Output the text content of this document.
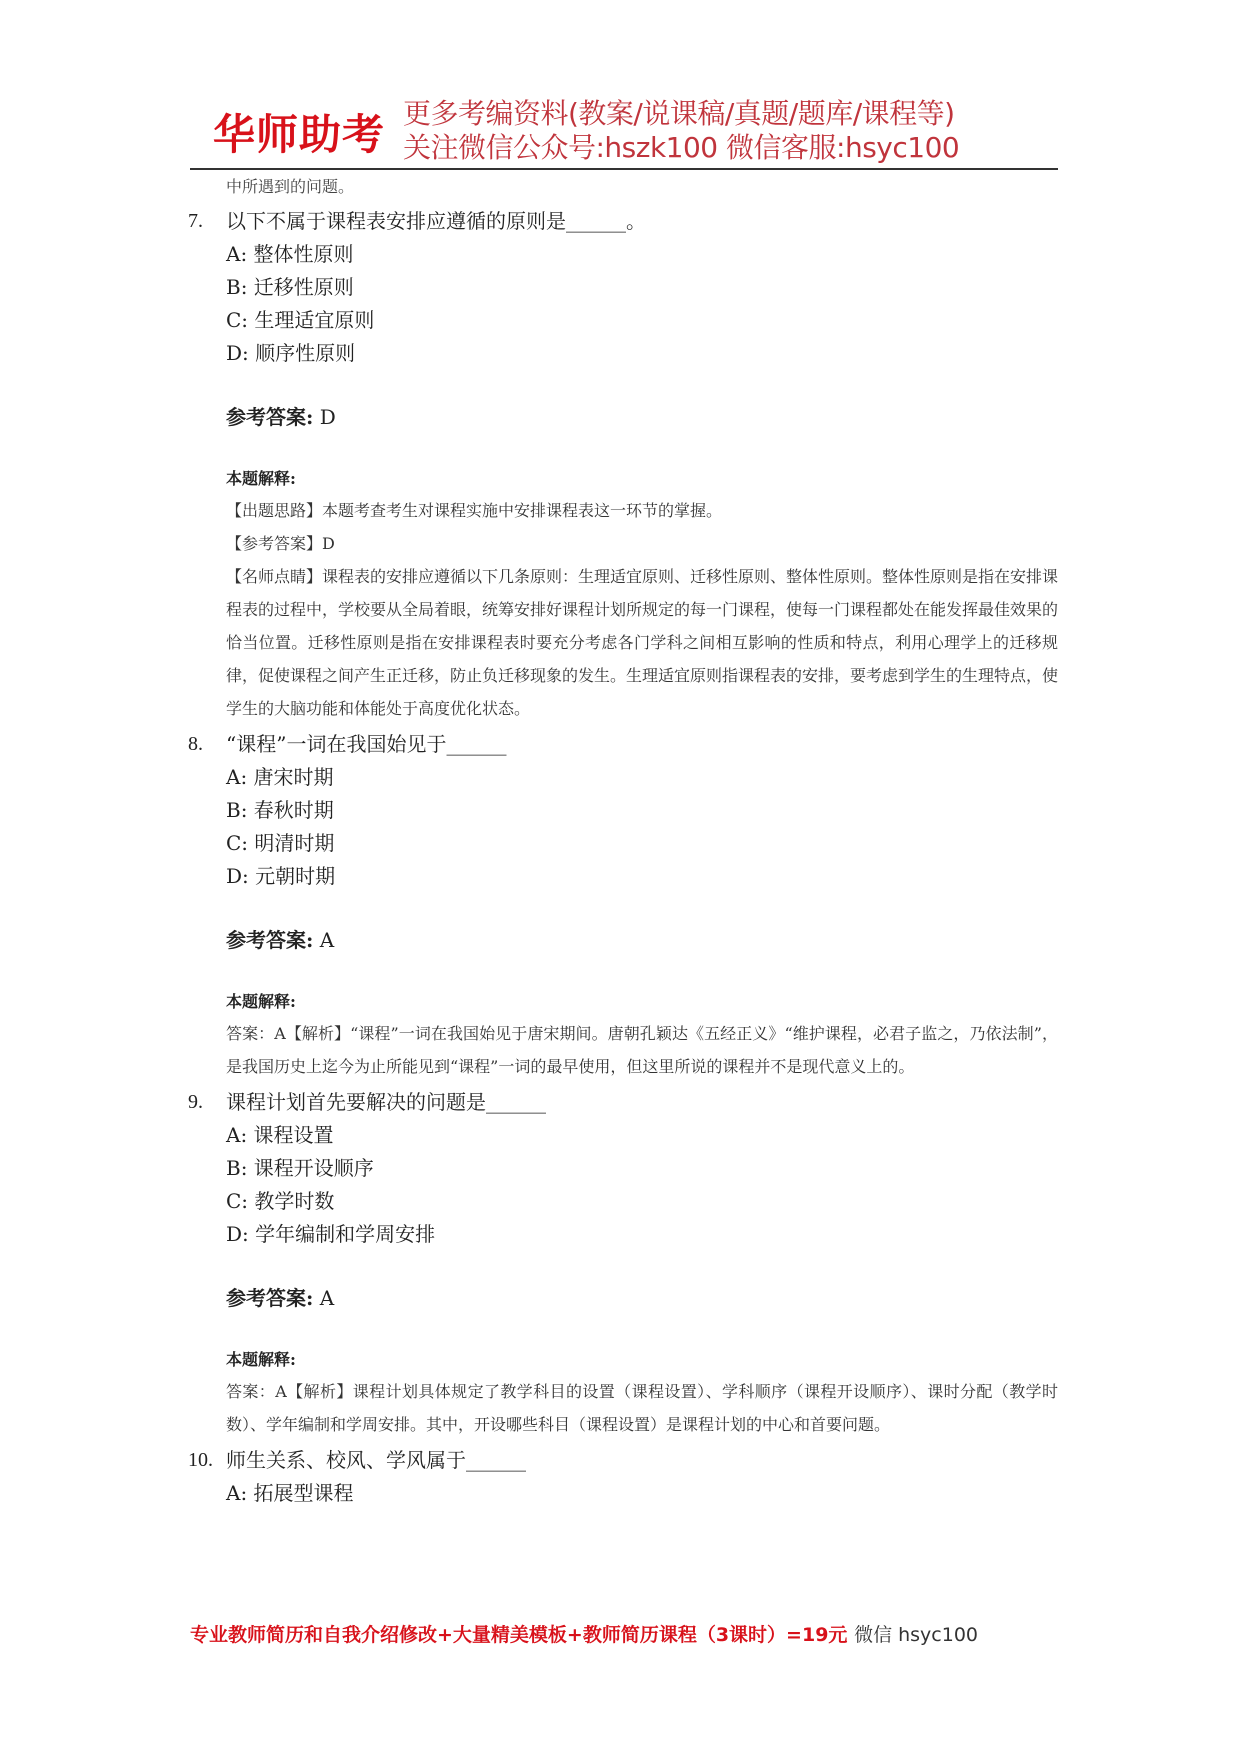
华师助考 更多考编资料(教案/说课稿/真题/题库/课程等)
关注微信公众号:hszk100 微信客服:hsyc100
中所遇到的问题。
7. 以下不属于课程表安排应遵循的原则是______。
A: 整体性原则
B: 迁移性原则
C: 生理适宜原则
D: 顺序性原则
参考答案: D
本题解释:
【出题思路】本题考查考生对课程实施中安排课程表这一环节的掌握。
【参考答案】D
【名师点睛】课程表的安排应遵循以下几条原则：生理适宜原则、迁移性原则、整体性原则。整体性原则是指在安排课程表的过程中，学校要从全局着眼，统筹安排好课程计划所规定的每一门课程，使每一门课程都处在能发挥最佳效果的恰当位置。迁移性原则是指在安排课程表时要充分考虑各门学科之间相互影响的性质和特点，利用心理学上的迁移规律，促使课程之间产生正迁移，防止负迁移现象的发生。生理适宜原则指课程表的安排，要考虑到学生的生理特点，使学生的大脑功能和体能处于高度优化状态。
8. “课程”一词在我国始见于______
A: 唐宋时期
B: 春秋时期
C: 明清时期
D: 元朝时期
参考答案: A
本题解释:
答案：A【解析】“课程”一词在我国始见于唐宋期间。唐朝孔颖达《五经正义》“维护课程，必君子监之，乃依法制”，是我国历史上迄今为止所能见到“课程”一词的最早使用，但这里所说的课程并不是现代意义上的。
9. 课程计划首先要解决的问题是______
A: 课程设置
B: 课程开设顺序
C: 教学时数
D: 学年编制和学周安排
参考答案: A
本题解释:
答案：A【解析】课程计划具体规定了教学科目的设置（课程设置）、学科顺序（课程开设顺序）、课时分配（教学时数）、学年编制和学周安排。其中，开设哪些科目（课程设置）是课程计划的中心和首要问题。
10. 师生关系、校风、学风属于______
A: 拓展型课程
专业教师简历和自我介绍修改+大量精美模板+教师简历课程（3课时）=19元 微信 hsyc100
